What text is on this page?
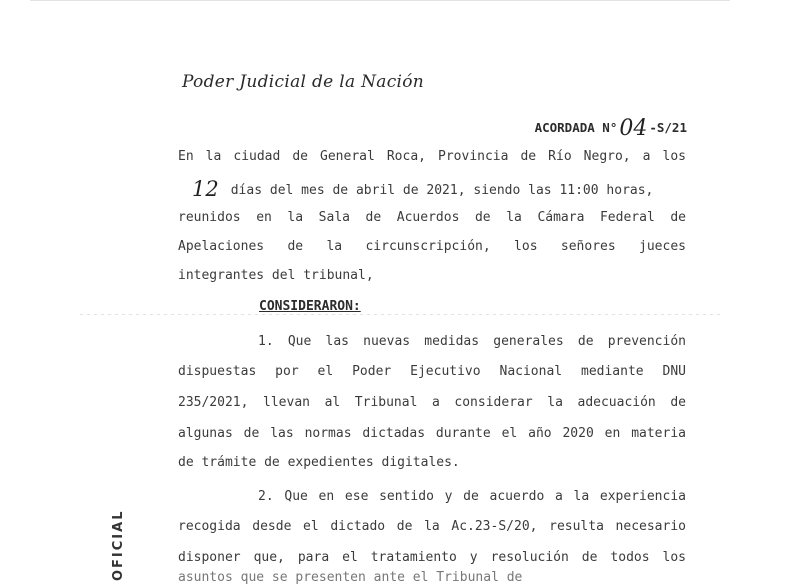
Poder Judicial de la Nación
ACORDADA N°04 -S/21
En la ciudad de General Roca, Provincia de Río Negro, a los
12 días del mes de abril de 2021, siendo las 11:00 horas,
reunidos en la Sala de Acuerdos de la Cámara Federal de
Apelaciones de la circunscripción, los señores jueces
integrantes del tribunal,
CONSIDERARON:
1. Que las nuevas medidas generales de prevención
dispuestas por el Poder Ejecutivo Nacional mediante DNU
235/2021, llevan al Tribunal a considerar la adecuación de
algunas de las normas dictadas durante el año 2020 en materia
de trámite de expedientes digitales.
2. Que en ese sentido y de acuerdo a la experiencia
recogida desde el dictado de la Ac.23-S/20, resulta necesario
disponer que, para el tratamiento y resolución de todos los
asuntos que se presenten ante el Tribunal de
OFICIAL
